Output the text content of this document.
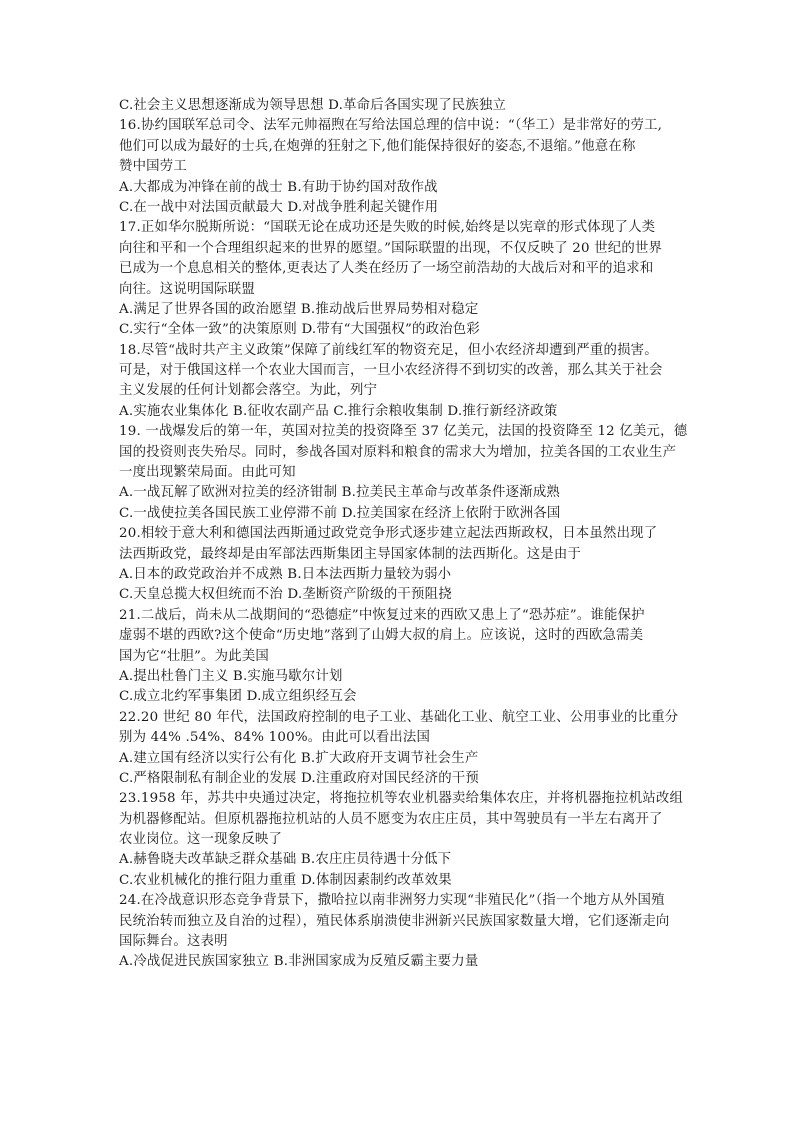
C.社会主义思想逐渐成为领导思想 D.革命后各国实现了民族独立
16.协约国联军总司令、法军元帅福煦在写给法国总理的信中说：“（华工）是非常好的劳工,
他们可以成为最好的士兵,在炮弹的狂射之下,他们能保持很好的姿态,不退缩。”他意在称
赞中国劳工
A.大都成为冲锋在前的战士 B.有助于协约国对敌作战
C.在一战中对法国贡献最大 D.对战争胜利起关键作用
17.正如华尔脱斯所说：“国联无论在成功还是失败的时候,始终是以宪章的形式体现了人类
向往和平和一个合理组织起来的世界的愿望。”国际联盟的出现，不仅反映了 20 世纪的世界
已成为一个息息相关的整体,更表达了人类在经历了一场空前浩劫的大战后对和平的追求和
向往。这说明国际联盟
A.满足了世界各国的政治愿望 B.推动战后世界局势相对稳定
C.实行“全体一致”的决策原则 D.带有“大国强权”的政治色彩
18.尽管“战时共产主义政策”保障了前线红军的物资充足，但小农经济却遭到严重的损害。
可是，对于俄国这样一个农业大国而言，一旦小农经济得不到切实的改善，那么其关于社会
主义发展的任何计划都会落空。为此，列宁
A.实施农业集体化 B.征收农副产品 C.推行余粮收集制 D.推行新经济政策
19. 一战爆发后的第一年，英国对拉美的投资降至 37 亿美元，法国的投资降至 12 亿美元，德
国的投资则丧失殆尽。同时，参战各国对原料和粮食的需求大为增加，拉美各国的工农业生产
一度出现繁荣局面。由此可知
A.一战瓦解了欧洲对拉美的经济钳制 B.拉美民主革命与改革条件逐渐成熟
C.一战使拉美各国民族工业停滞不前 D.拉美国家在经济上依附于欧洲各国
20.相较于意大利和德国法西斯通过政党竞争形式逐步建立起法西斯政权，日本虽然出现了
法西斯政党，最终却是由军部法西斯集团主导国家体制的法西斯化。这是由于
A.日本的政党政治并不成熟 B.日本法西斯力量较为弱小
C.天皇总揽大权但统而不治 D.垄断资产阶级的干预阻挠
21.二战后，尚未从二战期间的“恐德症”中恢复过来的西欧又患上了“恐苏症”。谁能保护
虚弱不堪的西欧?这个使命“历史地”落到了山姆大叔的肩上。应该说，这时的西欧急需美
国为它“壮胆”。为此美国
A.提出杜鲁门主义 B.实施马歇尔计划
C.成立北约军事集团 D.成立组织经互会
22.20 世纪 80 年代，法国政府控制的电子工业、基础化工业、航空工业、公用事业的比重分
别为 44% .54%、84% 100%。由此可以看出法国
A.建立国有经济以实行公有化 B.扩大政府开支调节社会生产
C.严格限制私有制企业的发展 D.注重政府对国民经济的干预
23.1958 年，苏共中央通过决定，将拖拉机等农业机器卖给集体农庄，并将机器拖拉机站改组
为机器修配站。但原机器拖拉机站的人员不愿变为农庄庄员，其中驾驶员有一半左右离开了
农业岗位。这一现象反映了
A.赫鲁晓夫改革缺乏群众基础 B.农庄庄员待遇十分低下
C.农业机械化的推行阻力重重 D.体制因素制约改革效果
24.在冷战意识形态竞争背景下，撒哈拉以南非洲努力实现“非殖民化”（指一个地方从外国殖
民统治转而独立及自治的过程），殖民体系崩溃使非洲新兴民族国家数量大增，它们逐渐走向
国际舞台。这表明
A.冷战促进民族国家独立 B.非洲国家成为反殖反霸主要力量
